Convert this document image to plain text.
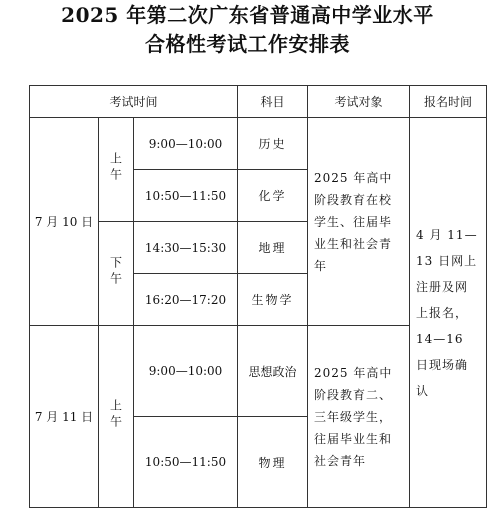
2025 年第二次广东省普通高中学业水平
合格性考试工作安排表
考试时间			科目	考试对象	报名时间
7 月 10 日	上午	9:00—10:00	历史	2025 年高中阶段教育在校学生、往届毕业生和社会青年	4 月 11—13 日网上注册及网上报名，14—16 日现场确认
		10:50—11:50	化学		
	下午	14:30—15:30	地理		
		16:20—17:20	生物学		
7 月 11 日	上午	9:00—10:00	思想政治	2025 年高中阶段教育二、三年级学生，往届毕业生和社会青年	
		10:50—11:50	物理		
